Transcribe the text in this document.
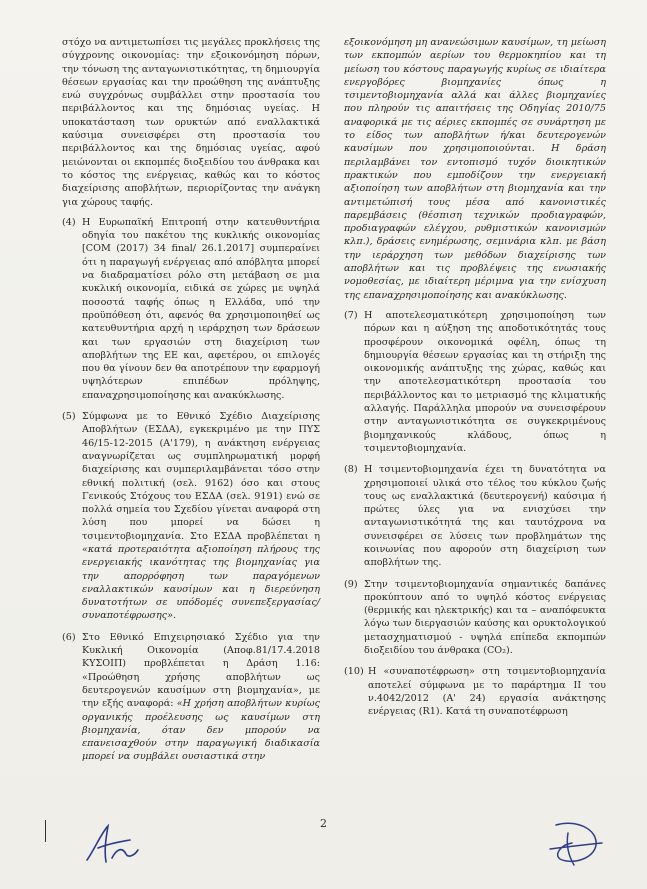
στόχο να αντιμετωπίσει τις μεγάλες προκλήσεις της σύγχρονης οικονομίας: την εξοικονόμηση πόρων, την τόνωση της ανταγωνιστικότητας, τη δημιουργία θέσεων εργασίας και την προώθηση της ανάπτυξης ενώ συγχρόνως συμβάλλει στην προστασία του περιβάλλοντος και της δημόσιας υγείας. Η υποκατάσταση των ορυκτών από εναλλακτικά καύσιμα συνεισφέρει στη προστασία του περιβάλλοντος και της δημόσιας υγείας, αφού μειώνονται οι εκπομπές διοξειδίου του άνθρακα και το κόστος της ενέργειας, καθώς και το κόστος διαχείρισης αποβλήτων, περιορίζοντας την ανάγκη για χώρους ταφής.

(4) Η Ευρωπαϊκή Επιτροπή στην κατευθυντήρια οδηγία του πακέτου της κυκλικής οικονομίας [COM (2017) 34 final/ 26.1.2017] συμπεραίνει ότι η παραγωγή ενέργειας από απόβλητα μπορεί να διαδραματίσει ρόλο στη μετάβαση σε μια κυκλική οικονομία, ειδικά σε χώρες με υψηλά ποσοστά ταφής όπως η Ελλάδα, υπό την προϋπόθεση ότι, αφενός θα χρησιμοποιηθεί ως κατευθυντήρια αρχή η ιεράρχηση των δράσεων και των εργασιών στη διαχείριση των αποβλήτων της ΕΕ και, αφετέρου, οι επιλογές που θα γίνουν δεν θα αποτρέπουν την εφαρμογή υψηλότερων επιπέδων πρόληψης, επαναχρησιμοποίησης και ανακύκλωσης.
(5) Σύμφωνα με το Εθνικό Σχέδιο Διαχείρισης Αποβλήτων (ΕΣΔΑ), εγκεκριμένο με την ΠΥΣ 46/15-12-2015 (Α'179), η ανάκτηση ενέργειας αναγνωρίζεται ως συμπληρωματική μορφή διαχείρισης και συμπεριλαμβάνεται τόσο στην εθνική πολιτική (σελ. 9162) όσο και στους Γενικούς Στόχους του ΕΣΔΑ (σελ. 9191) ενώ σε πολλά σημεία του Σχεδίου γίνεται αναφορά στη λύση που μπορεί να δώσει η τσιμεντοβιομηχανία. Στο ΕΣΔΑ προβλέπεται η «κατά προτεραιότητα αξιοποίηση πλήρους της ενεργειακής ικανότητας της βιομηχανίας για την απορρόφηση των παραγόμενων εναλλακτικών καυσίμων και η διερεύνηση δυνατοτήτων σε υπόδομές συνεπεξεργασίας/συναποτέφρωσης».
(6) Στο Εθνικό Επιχειρησιακό Σχέδιο για την Κυκλική Οικονομία (Αποφ.81/17.4.2018 ΚΥΣΟΙΠ) προβλέπεται η Δράση 1.16: «Προώθηση χρήσης αποβλήτων ως δευτερογενών καυσίμων στη βιομηχανία», με την εξής αναφορά: «Η χρήση αποβλήτων κυρίως οργανικής προέλευσης ως καυσίμων στη βιομηχανία, όταν δεν μπορούν να επανεισαχθούν στην παραγωγική διαδικασία μπορεί να συμβάλει ουσιαστικά στην

εξοικονόμηση μη ανανεώσιμων καυσίμων, τη μείωση των εκπομπών αερίων του θερμοκηπίου και τη μείωση του κόστους παραγωγής κυρίως σε ιδιαίτερα ενεργοβόρες βιομηχανίες όπως η τσιμεντοβιομηχανία αλλά και άλλες βιομηχανίες που πληρούν τις απαιτήσεις της Οδηγίας 2010/75 αναφορικά με τις αέριες εκπομπές σε συνάρτηση με το είδος των αποβλήτων ή/και δευτερογενών καυσίμων που χρησιμοποιούνται. Η δράση περιλαμβάνει τον εντοπισμό τυχόν διοικητικών πρακτικών που εμποδίζουν την ενεργειακή αξιοποίηση των αποβλήτων στη βιομηχανία και την αντιμετώπισή τους μέσα από κανονιστικές παρεμβάσεις (θέσπιση τεχνικών προδιαγραφών, προδιαγραφών ελέγχου, ρυθμιστικών κανονισμών κλπ.), δράσεις ενημέρωσης, σεμινάρια κλπ. με βάση την ιεράρχηση των μεθόδων διαχείρισης των αποβλήτων και τις προβλέψεις της ενωσιακής νομοθεσίας, με ιδιαίτερη μέριμνα για την ενίσχυση της επαναχρησιμοποίησης και ανακύκλωσης.

(7) Η αποτελεσματικότερη χρησιμοποίηση των πόρων και η αύξηση της αποδοτικότητάς τους προσφέρουν οικονομικά οφέλη, όπως τη δημιουργία θέσεων εργασίας και τη στήριξη της οικονομικής ανάπτυξης της χώρας, καθώς και την αποτελεσματικότερη προστασία του περιβάλλοντος και το μετριασμό της κλιματικής αλλαγής. Παράλληλα μπορούν να συνεισφέρουν στην ανταγωνιστικότητα σε συγκεκριμένους βιομηχανικούς κλάδους, όπως η τσιμεντοβιομηχανία.
(8) Η τσιμεντοβιομηχανία έχει τη δυνατότητα να χρησιμοποιεί υλικά στο τέλος του κύκλου ζωής τους ως εναλλακτικά (δευτερογενή) καύσιμα ή πρώτες ύλες για να ενισχύσει την ανταγωνιστικότητά της και ταυτόχρονα να συνεισφέρει σε λύσεις των προβλημάτων της κοινωνίας που αφορούν στη διαχείριση των αποβλήτων της.
(9) Στην τσιμεντοβιομηχανία σημαντικές δαπάνες προκύπτουν από το υψηλό κόστος ενέργειας (θερμικής και ηλεκτρικής) και τα – αναπόφευκτα λόγω των διεργασιών καύσης και ορυκτολογικού μετασχηματισμού - υψηλά επίπεδα εκπομπών διοξειδίου του άνθρακα (CO₂).
(10) Η «συναποτέφρωση» στη τσιμεντοβιομηχανία αποτελεί σύμφωνα με το παράρτημα II του ν.4042/2012 (Α' 24) εργασία ανάκτησης ενέργειας (R1). Κατά τη συναποτέφρωση
2
